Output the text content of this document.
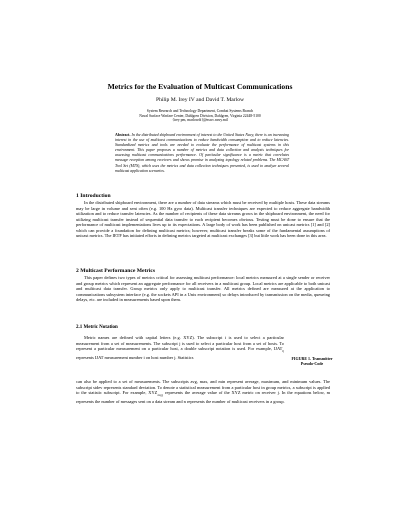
Metrics for the Evaluation of Multicast Communications
Philip M. Irey IV and David T. Marlow
System Research and Technology Department, Combat Systems Branch
Naval Surface Warfare Center, Dahlgren Division, Dahlgren, Virginia 22448-5100
{irey pm, marlowdt}@nswc.navy.mil
Abstract. In the distributed shipboard environment of interest to the United States Navy, there is an increasing interest in the use of multicast communications to reduce bandwidth consumption and to reduce latencies. Standardized metrics and tools are needed to evaluate the performance of multicast systems in this environment. This paper proposes a number of metrics and data collection and analysis techniques for assessing multicast communications performance. Of particular significance is a metric that correlates message reception among receivers and shows promise in analyzing topology related problems. The MCAST Tool Set (MTS), which uses the metrics and data collection techniques presented, is used to analyze several multicast application scenarios.
1 Introduction
In the distributed shipboard environment, there are a number of data streams which must be received by multiple hosts. These data streams may be large in volume and sent often (e.g. 100 Hz gyro data). Multicast transfer techniques are expected to reduce aggregate bandwidth utilization and to reduce transfer latencies. As the number of recipients of these data streams grows in the shipboard environment, the need for utilizing multicast transfer instead of sequential data transfer to each recipient becomes obvious. Testing must be done to ensure that the performance of multicast implementations lives up to its expectations. A large body of work has been published on unicast metrics [1] and [2] which can provide a foundation for defining multicast metrics; however, multicast transfer breaks some of the fundamental assumptions of unicast metrics. The IETF has initiated efforts in defining metrics targeted at multicast exchanges [3] but little work has been done in this area.
2 Multicast Performance Metrics
This paper defines two types of metrics critical for assessing multicast performance: local metrics measured at a single sender or receiver and group metrics which represent an aggregate performance for all receivers in a multicast group. Local metrics are applicable to both unicast and multicast data transfer. Group metrics only apply to multicast transfer. All metrics defined are measured at the application to communications subsystem interface (e.g. the sockets API in a Unix environment) so delays introduced by transmission on the media, queueing delays, etc. are included in measurements based upon them.
2.1 Metric Notation
Metric names are defined with capital letters (e.g. XYZ). The subscript i is used to select a particular measurement from a set of measurements. The subscript j is used to select a particular host from a set of hosts. To represent a particular measurement on a particular host, a double subscript notation is used. For example, $IJAT_{ij}$ represents IJAT measurement number i on host number j. Statistics	FIGURE 1. Transmitter Pseudo-Code
can also be applied to a set of measurements. The subscripts avg, max, and min represent average, maximum, and minimum values. The subscript stdev represents standard deviation. To denote a statistical measurement from a particular host in group metrics, a subscript is applied to the statistic subscript. For example, $XYZ_{avg,j}$ represents the average value of the XYZ metric on receiver j. In the equations below, m represents the number of messages sent on a data stream and n represents the number of multicast receivers in a group.
